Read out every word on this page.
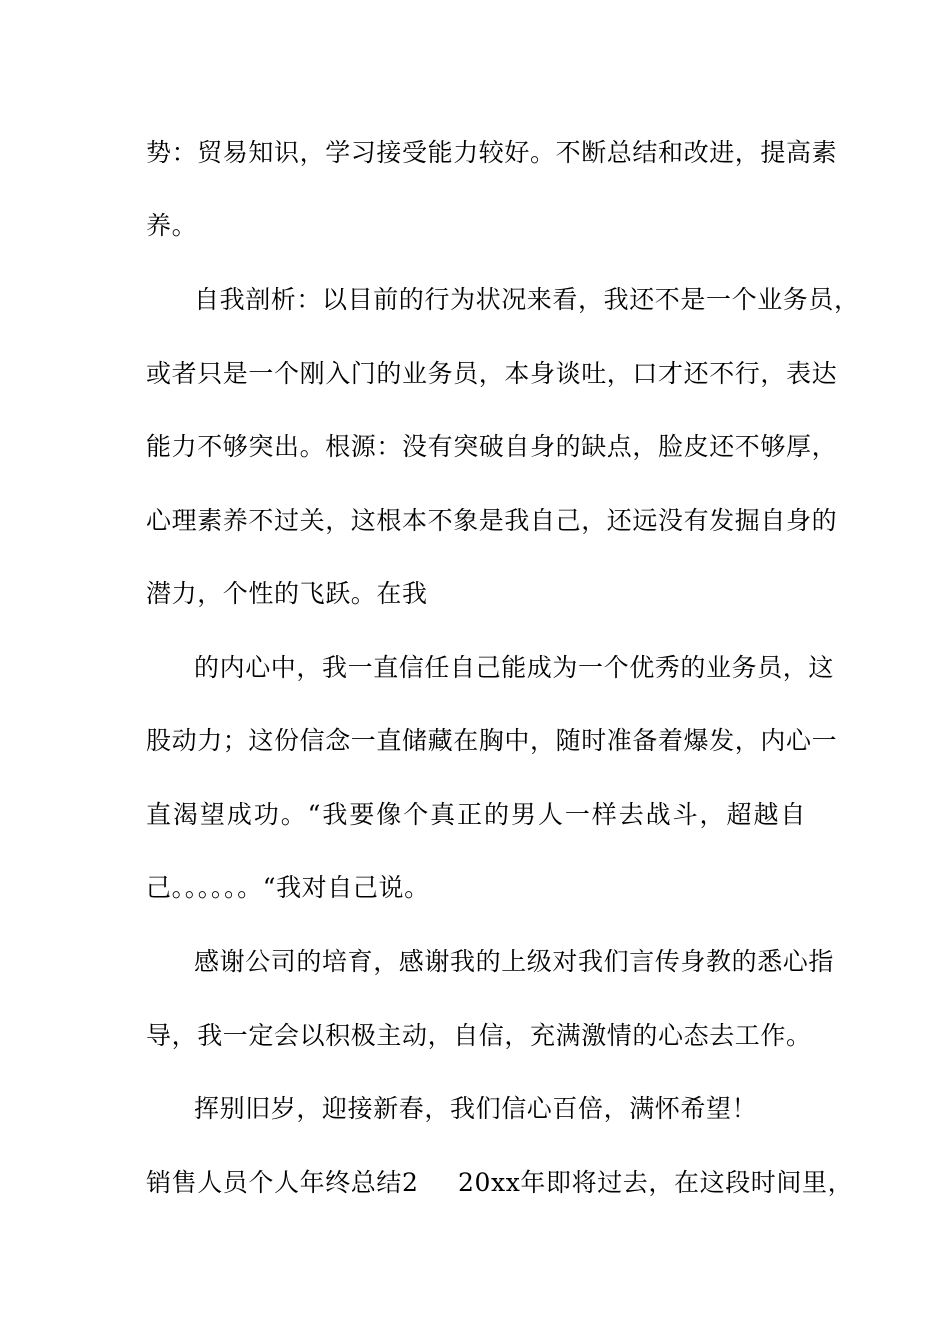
势：贸易知识，学习接受能力较好。不断总结和改进，提高素
养。
自我剖析：以目前的行为状况来看，我还不是一个业务员，
或者只是一个刚入门的业务员，本身谈吐，口才还不行，表达
能力不够突出。根源：没有突破自身的缺点，脸皮还不够厚，
心理素养不过关，这根本不象是我自己，还远没有发掘自身的
潜力，个性的飞跃。在我
的内心中，我一直信任自己能成为一个优秀的业务员，这
股动力；这份信念一直储藏在胸中，随时准备着爆发，内心一
直渴望成功。“我要像个真正的男人一样去战斗，超越自
己。。。。。。“我对自己说。
感谢公司的培育，感谢我的上级对我们言传身教的悉心指
导，我一定会以积极主动，自信，充满激情的心态去工作。
挥别旧岁，迎接新春，我们信心百倍，满怀希望！
销售人员个人年终总结2 20xx年即将过去，在这段时间里，
